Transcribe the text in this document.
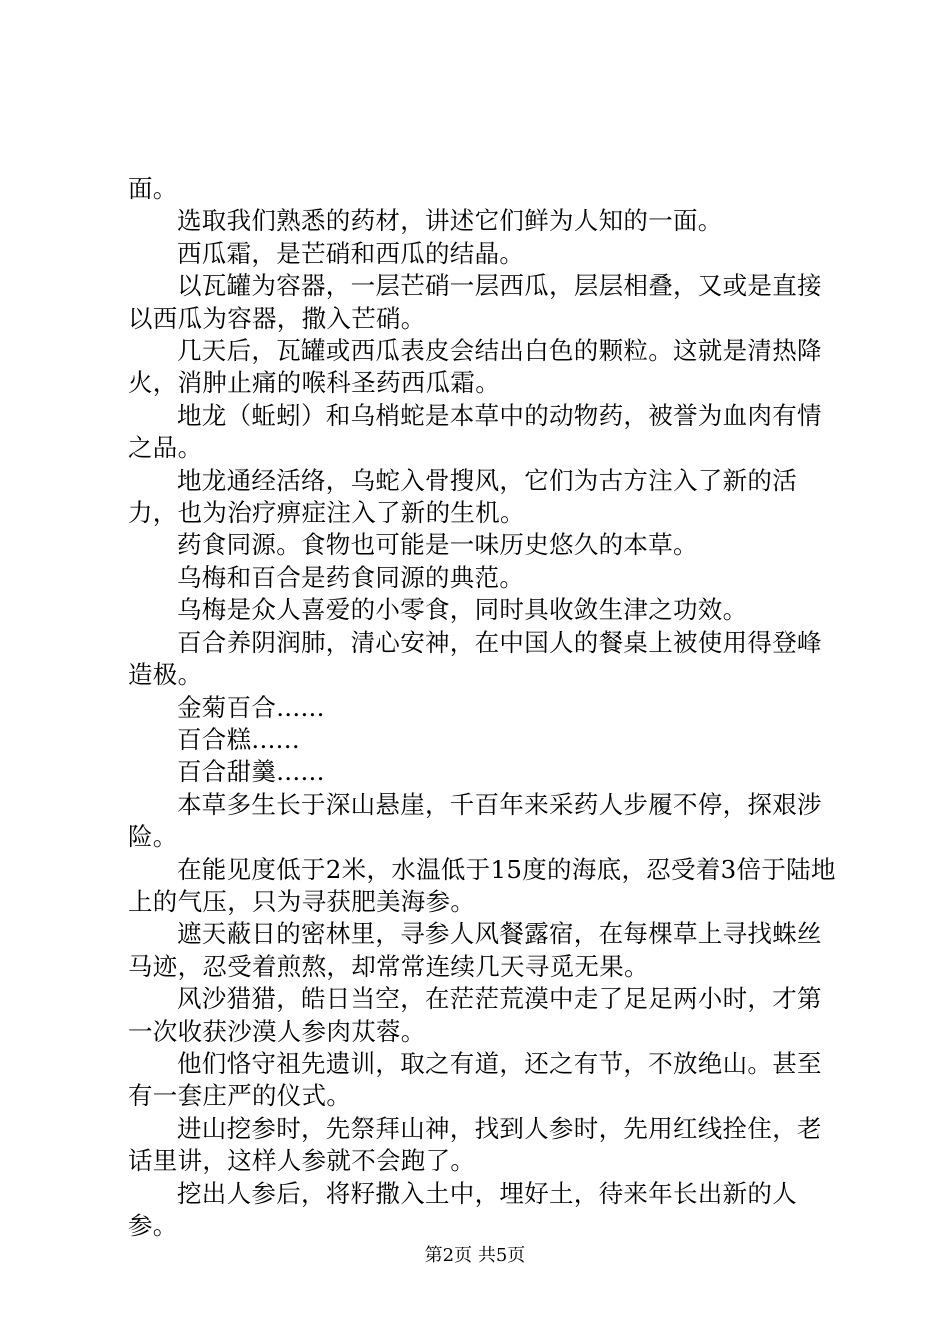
面。

选取我们熟悉的药材，讲述它们鲜为人知的一面。

西瓜霜，是芒硝和西瓜的结晶。

以瓦罐为容器，一层芒硝一层西瓜，层层相叠，又或是直接以西瓜为容器，撒入芒硝。

几天后，瓦罐或西瓜表皮会结出白色的颗粒。这就是清热降火，消肿止痛的喉科圣药西瓜霜。

地龙（蚯蚓）和乌梢蛇是本草中的动物药，被誉为血肉有情之品。

地龙通经活络，乌蛇入骨搜风，它们为古方注入了新的活力，也为治疗痹症注入了新的生机。

药食同源。食物也可能是一味历史悠久的本草。

乌梅和百合是药食同源的典范。

乌梅是众人喜爱的小零食，同时具收敛生津之功效。

百合养阴润肺，清心安神，在中国人的餐桌上被使用得登峰造极。

金菊百合......

百合糕......

百合甜羹......

本草多生长于深山悬崖，千百年来采药人步履不停，探艰涉险。

在能见度低于2米，水温低于15度的海底，忍受着3倍于陆地上的气压，只为寻获肥美海参。

遮天蔽日的密林里，寻参人风餐露宿，在每棵草上寻找蛛丝马迹，忍受着煎熬，却常常连续几天寻觅无果。

风沙猎猎，皓日当空，在茫茫荒漠中走了足足两小时，才第一次收获沙漠人参肉苁蓉。

他们恪守祖先遗训，取之有道，还之有节，不放绝山。甚至有一套庄严的仪式。

进山挖参时，先祭拜山神，找到人参时，先用红线拴住，老话里讲，这样人参就不会跑了。

挖出人参后，将籽撒入土中，埋好土，待来年长出新的人参。

第2页 共5页
